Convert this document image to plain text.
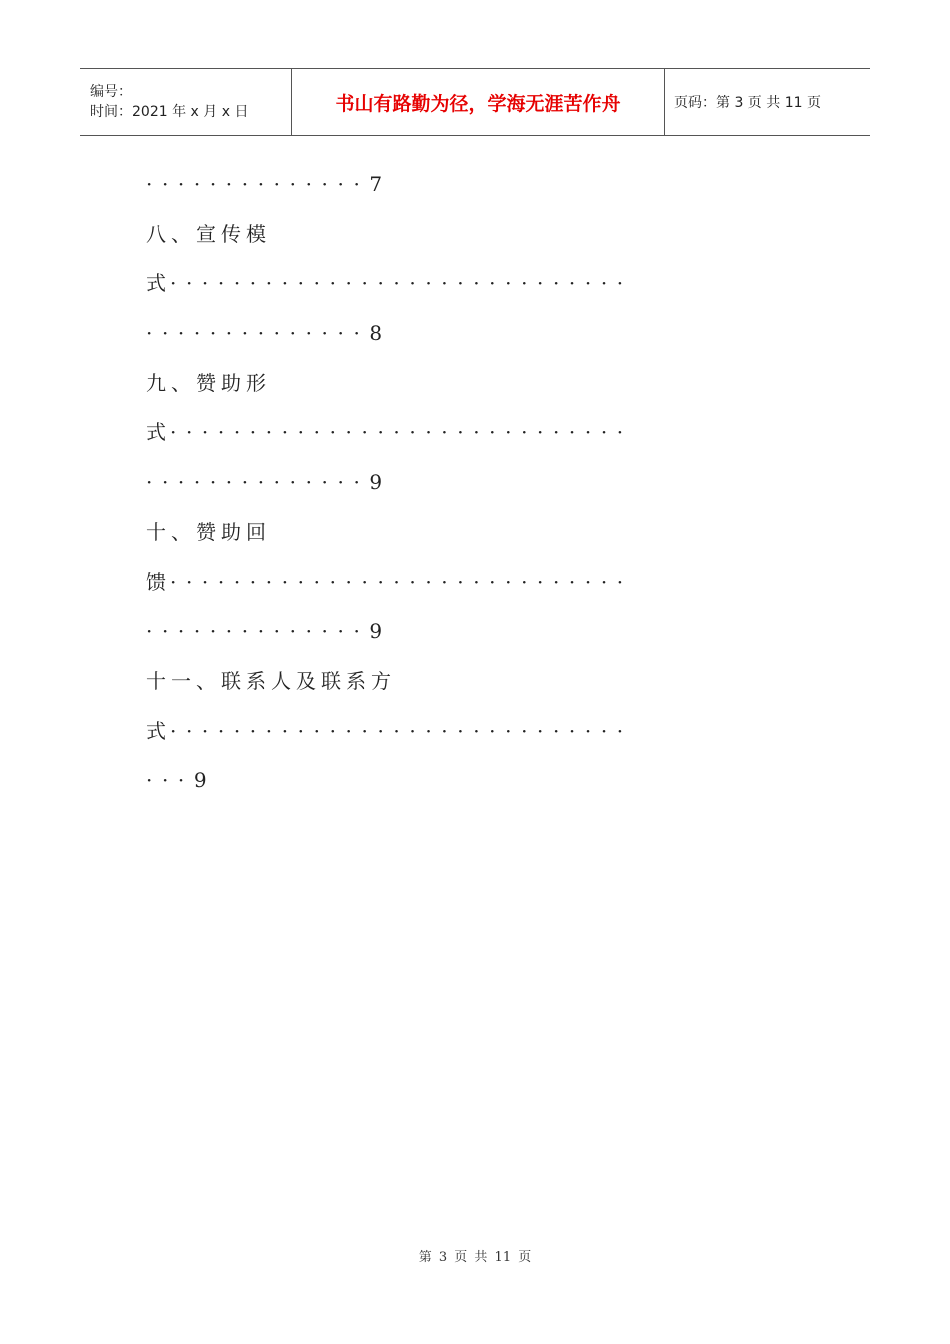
编号：
时间：2021 年 x 月 x 日	书山有路勤为径，学海无涯苦作舟	页码：第 3 页 共 11 页
··············7
八、宣传模
式·····························
··············8
九、赞助形
式·····························
··············9
十、赞助回
馈·····························
··············9
十一、联系人及联系方
式·····························
···9
第 3 页 共 11 页
